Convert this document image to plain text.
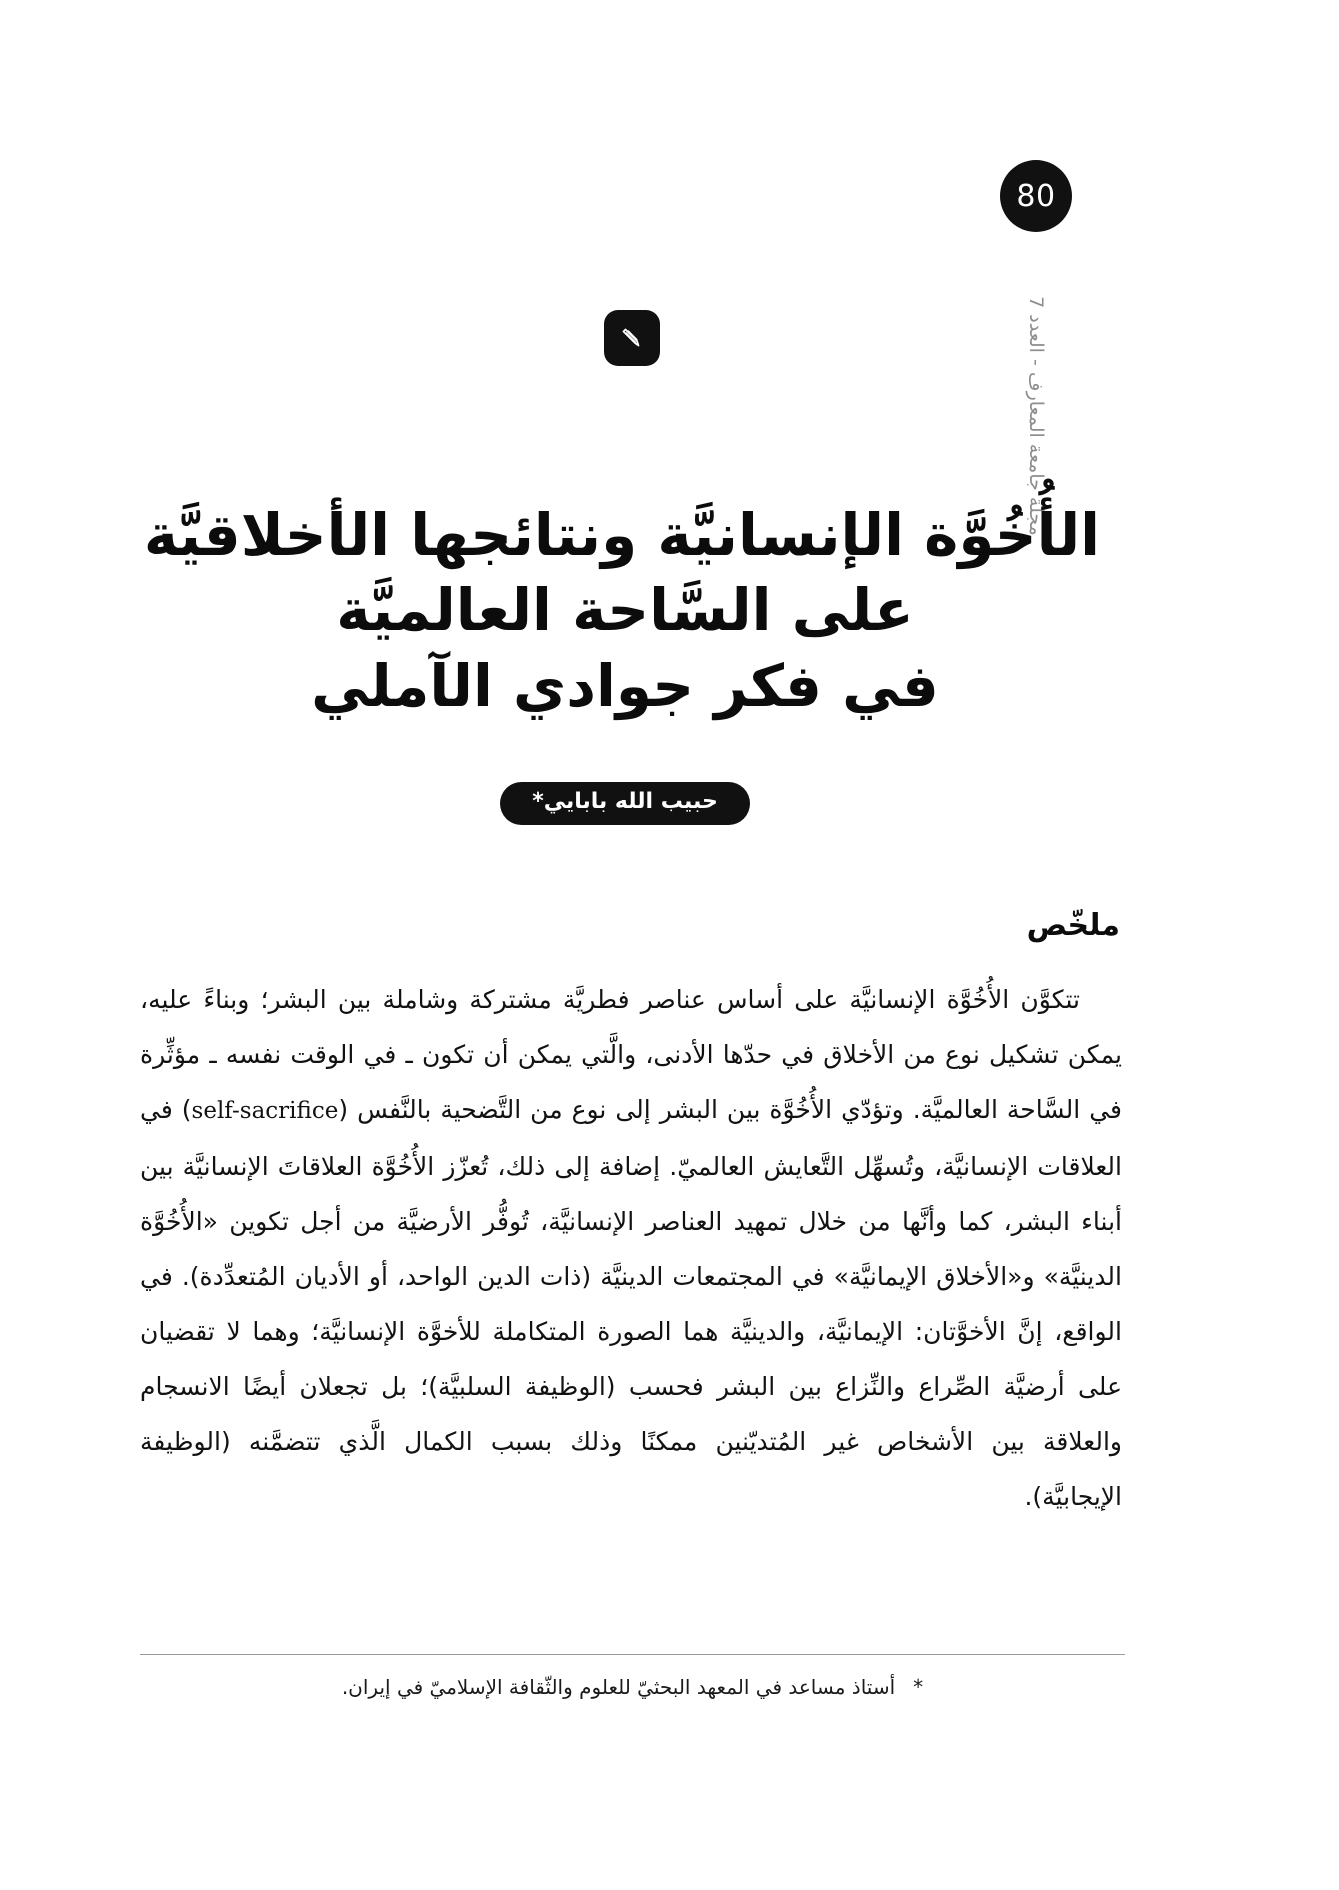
80
مجلة جامعة المعارف - العدد 7
الأُخُوَّة الإنسانيَّة ونتائجها الأخلاقيَّة
على السَّاحة العالميَّة
في فكر جوادي الآملي
حبيب الله بابايي*
ملخّص
تتكوَّن الأُخُوَّة الإنسانيَّة على أساس عناصر فطريَّة مشتركة وشاملة بين البشر؛ وبناءً عليه، يمكن تشكيل نوع من الأخلاق في حدّها الأدنى، والَّتي يمكن أن تكون ـ في الوقت نفسه ـ مؤثِّرة في السَّاحة العالميَّة. وتؤدّي الأُخُوَّة بين البشر إلى نوع من التَّضحية بالنَّفس (self-sacrifice) في العلاقات الإنسانيَّة، وتُسهِّل التَّعايش العالميّ. إضافة إلى ذلك، تُعزّز الأُخُوَّة العلاقاتَ الإنسانيَّة بين أبناء البشر، كما وأنَّها من خلال تمهيد العناصر الإنسانيَّة، تُوفُّر الأرضيَّة من أجل تكوين «الأُخُوَّة الدينيَّة» و«الأخلاق الإيمانيَّة» في المجتمعات الدينيَّة (ذات الدين الواحد، أو الأديان المُتعدِّدة). في الواقع، إنَّ الأخوَّتان: الإيمانيَّة، والدينيَّة هما الصورة المتكاملة للأخوَّة الإنسانيَّة؛ وهما لا تقضيان على أرضيَّة الصِّراع والنِّزاع بين البشر فحسب (الوظيفة السلبيَّة)؛ بل تجعلان أيضًا الانسجام والعلاقة بين الأشخاص غير المُتديّنين ممكنًا وذلك بسبب الكمال الَّذي تتضمَّنه (الوظيفة الإيجابيَّة).
*أستاذ مساعد في المعهد البحثيّ للعلوم والثّقافة الإسلاميّ في إيران.
